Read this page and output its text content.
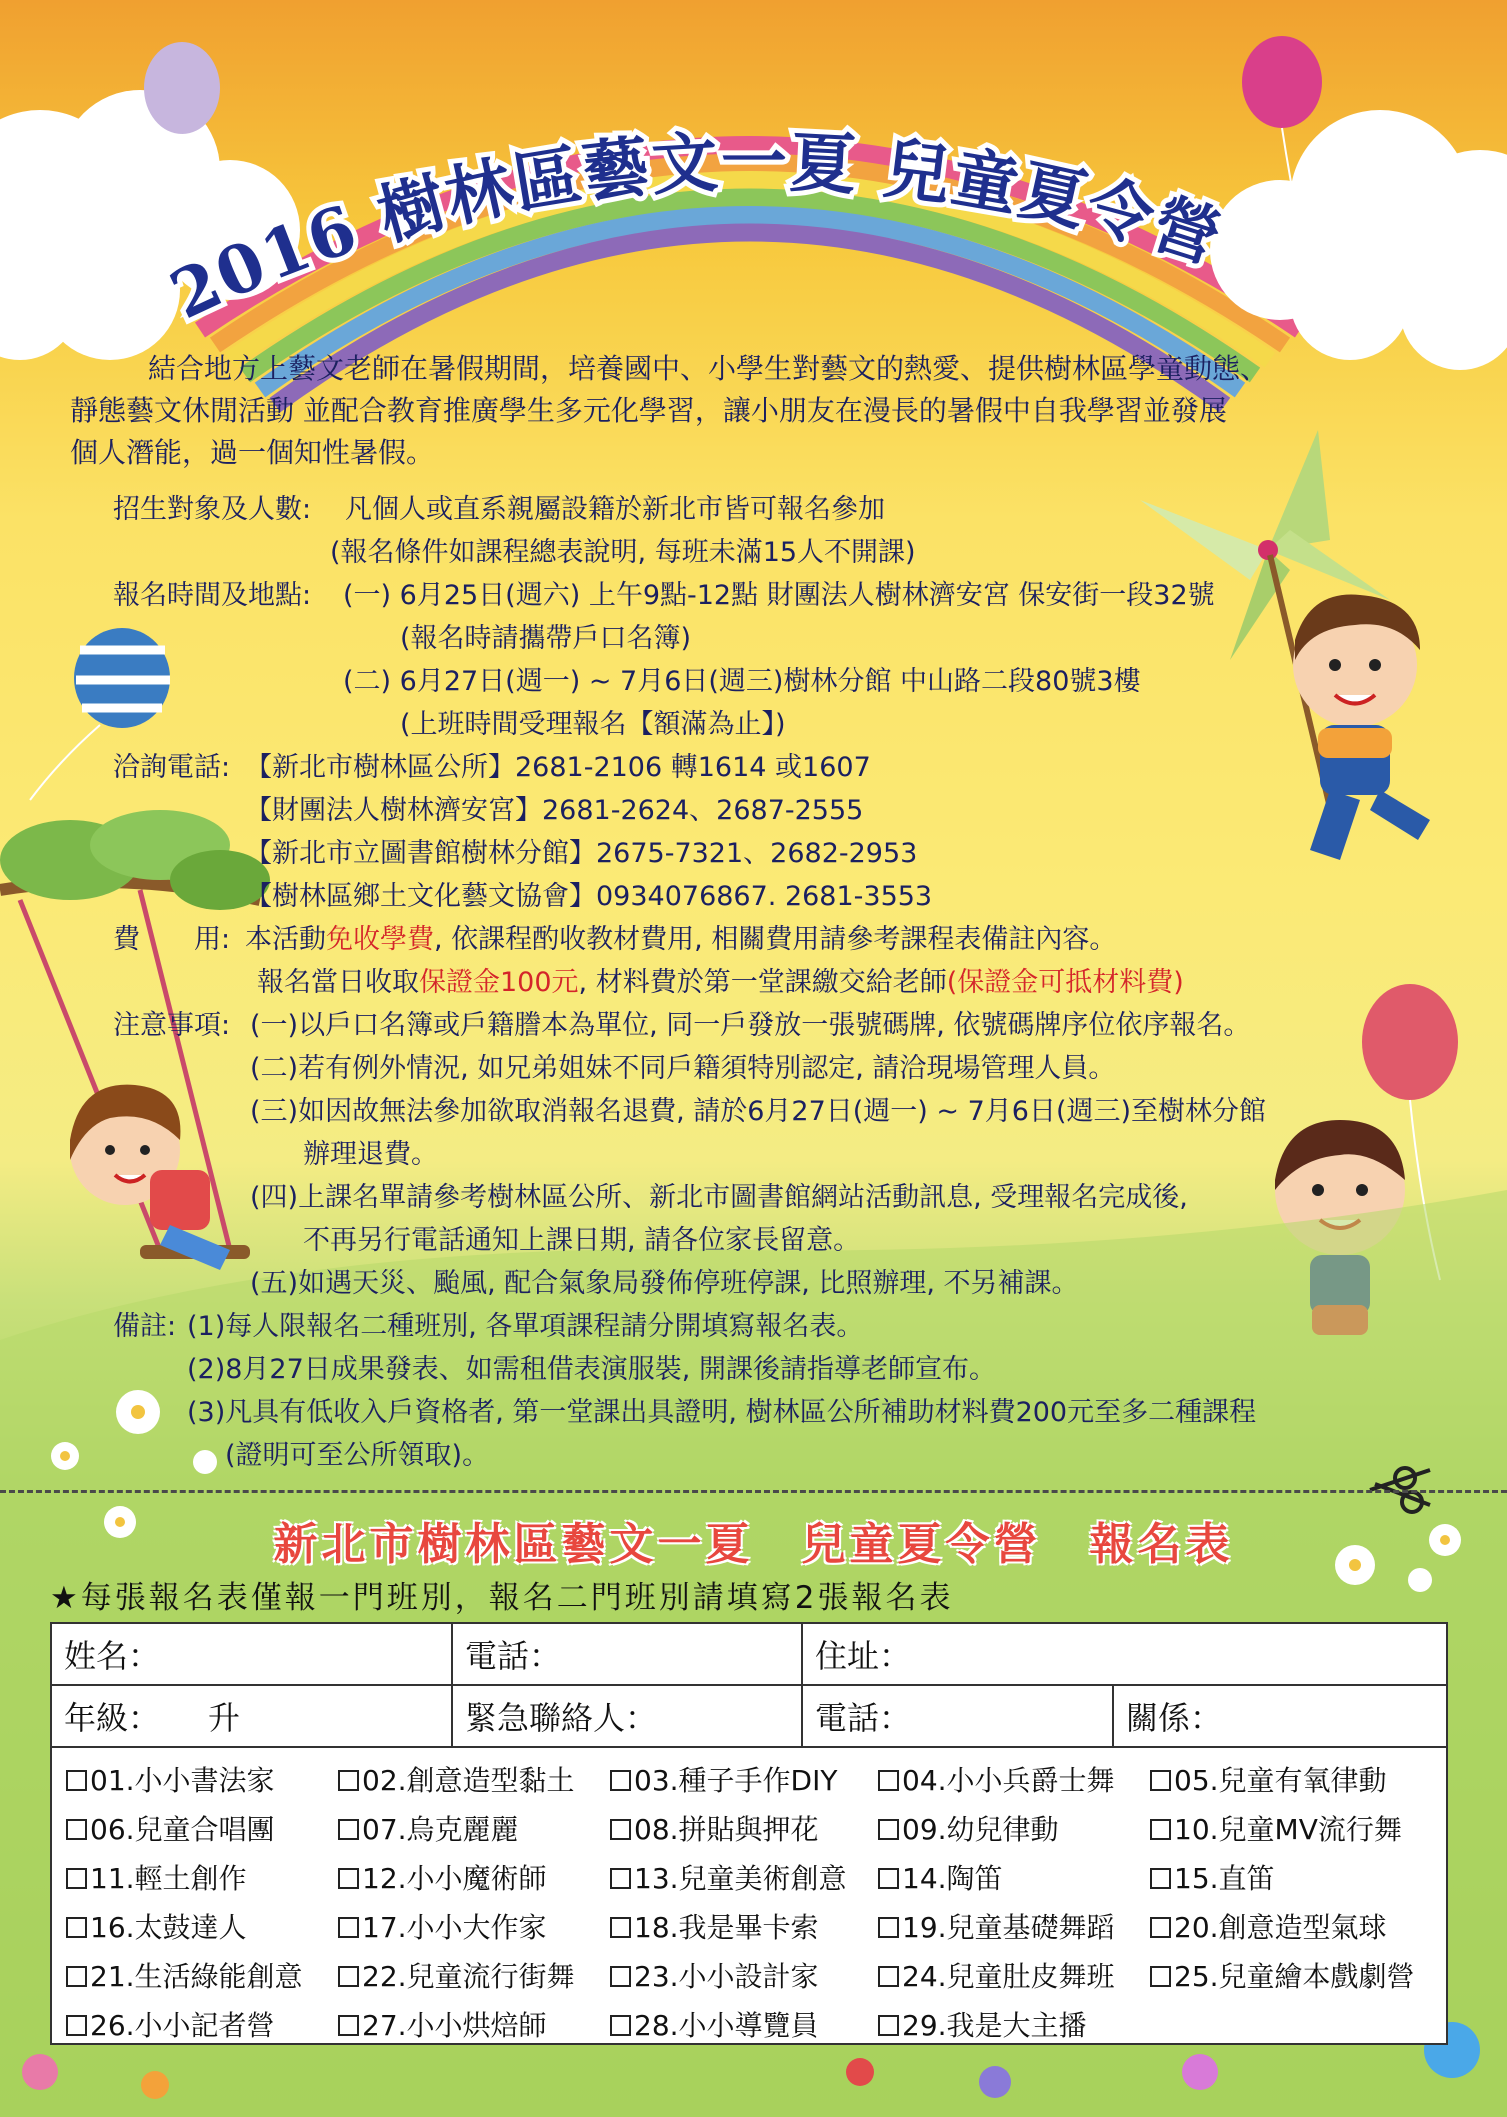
2016 樹林區藝文一夏 兒童夏令營
結合地方上藝文老師在暑假期間，培養國中、小學生對藝文的熱愛、提供樹林區學童動態、
靜態藝文休閒活動 並配合教育推廣學生多元化學習，讓小朋友在漫長的暑假中自我學習並發展
個人潛能，過一個知性暑假。
招生對象及人數: 凡個人或直系親屬設籍於新北市皆可報名參加
(報名條件如課程總表說明, 每班未滿15人不開課)
報名時間及地點: (一) 6月25日(週六) 上午9點-12點 財團法人樹林濟安宮 保安街一段32號
(報名時請攜帶戶口名簿)
(二) 6月27日(週一) ~ 7月6日(週三)樹林分館 中山路二段80號3樓
(上班時間受理報名【額滿為止】)
洽詢電話: 【新北市樹林區公所】2681-2106 轉1614 或1607
【財團法人樹林濟安宮】2681-2624、2687-2555
【新北市立圖書館樹林分館】2675-7321、2682-2953
【樹林區鄉土文化藝文協會】0934076867. 2681-3553
費　　用: 本活動免收學費, 依課程酌收教材費用, 相關費用請參考課程表備註內容。
報名當日收取保證金100元, 材料費於第一堂課繳交給老師(保證金可抵材料費)
注意事項: (一)以戶口名簿或戶籍謄本為單位, 同一戶發放一張號碼牌, 依號碼牌序位依序報名。
(二)若有例外情況, 如兄弟姐妹不同戶籍須特別認定, 請洽現場管理人員。
(三)如因故無法參加欲取消報名退費, 請於6月27日(週一) ~ 7月6日(週三)至樹林分館
辦理退費。
(四)上課名單請參考樹林區公所、新北市圖書館網站活動訊息, 受理報名完成後,
不再另行電話通知上課日期, 請各位家長留意。
(五)如遇天災、颱風, 配合氣象局發佈停班停課, 比照辦理, 不另補課。
備註: (1)每人限報名二種班別, 各單項課程請分開填寫報名表。
(2)8月27日成果發表、如需租借表演服裝, 開課後請指導老師宣布。
(3)凡具有低收入戶資格者, 第一堂課出具證明, 樹林區公所補助材料費200元至多二種課程
(證明可至公所領取)。
新北市樹林區藝文一夏　兒童夏令營　報名表
★每張報名表僅報一門班別，報名二門班別請填寫2張報名表
姓名：	電話：	住址：	
年級：　　升	緊急聯絡人：	電話：	關係：
01.小小書法家	02.創意造型黏土	03.種子手作DIY	04.小小兵爵士舞	05.兒童有氧律動
06.兒童合唱團	07.烏克麗麗	08.拼貼與押花	09.幼兒律動	10.兒童MV流行舞
11.輕土創作	12.小小魔術師	13.兒童美術創意	14.陶笛	15.直笛
16.太鼓達人	17.小小大作家	18.我是畢卡索	19.兒童基礎舞蹈	20.創意造型氣球
21.生活綠能創意	22.兒童流行街舞	23.小小設計家	24.兒童肚皮舞班	25.兒童繪本戲劇營
26.小小記者營	27.小小烘焙師	28.小小導覽員	29.我是大主播
